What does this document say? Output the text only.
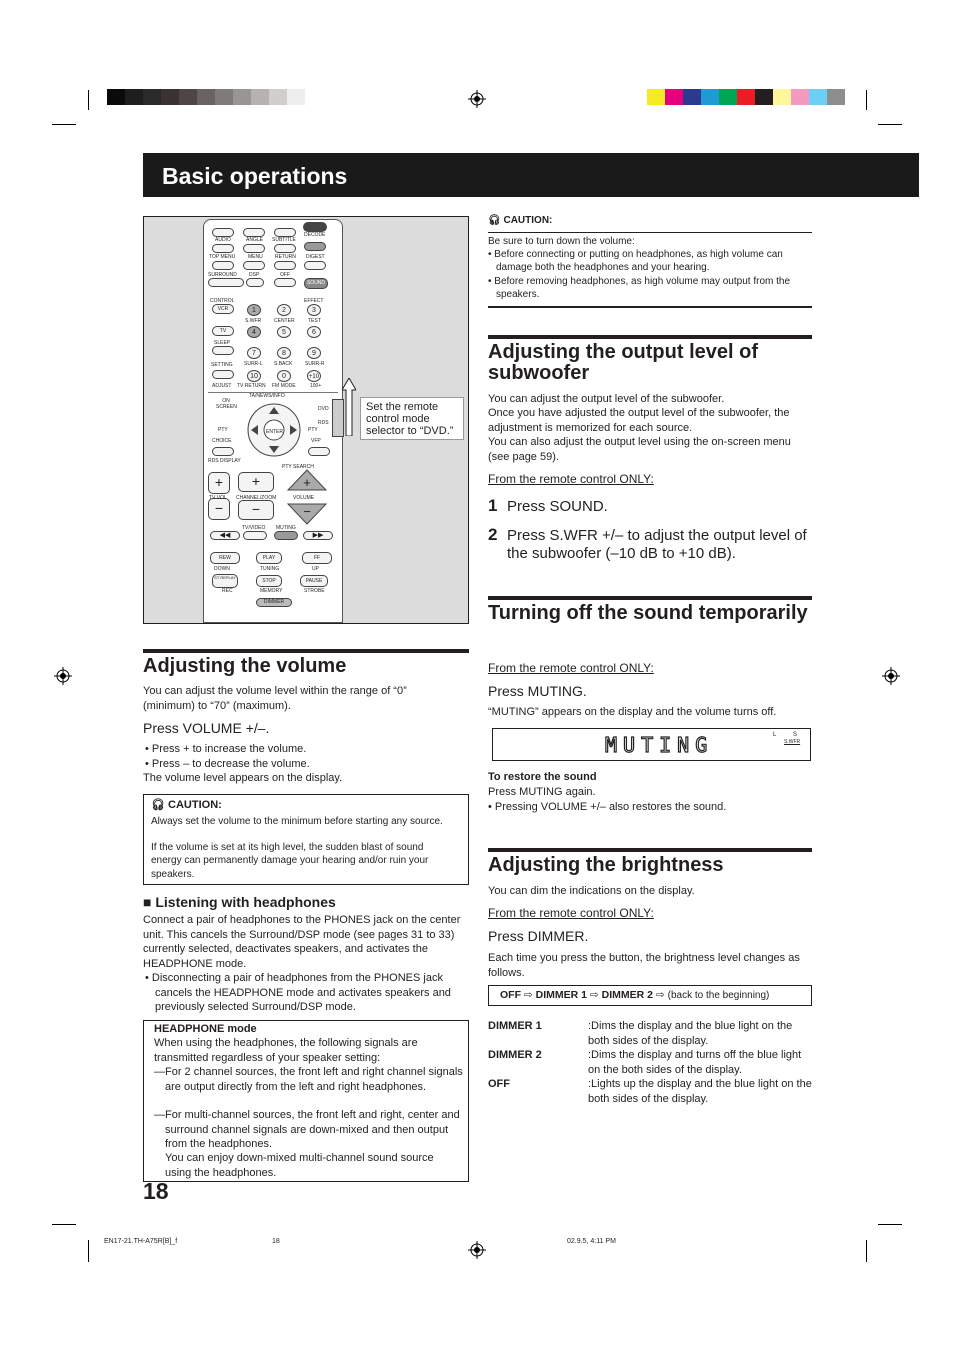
Basic operations
AUDIO	ANGLE SUBTITLE
DECODE
TOP MENU	MENU RETURN DIGEST
SURROUND DSP	OFF
SOUND
CONTROL	EFFECT
VCR
TV
1	2	3
S.WFR	CENTER	TEST
4	5	6
SLEEP
7	8	9
SETTING SURR-L S.BACK	SURR-R
10	0	+10
ADJUST TV RETURN FM MODE	100+
TA/NEWS/INFO
ON SCREEN	DVD
RDS
ENTER
PTY	PTY
CHOICE	VFP
RDS DISPLAY
PTY SEARCH
+
−
+
−
+
−
TV VOL CHANNEL/ZOOM	VOLUME
TV/VIDEO MUTING
◀◀	▶▶
REW	PLAY	FF
DOWN	TUNING	UP
ST REPLAY
STOP	PAUSE
REC	MEMORY	STROBE
DIMMER
Set the remote control mode selector to “DVD.”
Adjusting the volume

You can adjust the volume level within the range of “0” (minimum) to “70” (maximum).

Press VOLUME +/–.

• Press + to increase the volume.

• Press – to decrease the volume.

The volume level appears on the display.

🎧︎ CAUTION:

Always set the volume to the minimum before starting any source.

If the volume is set at its high level, the sudden blast of sound energy can permanently damage your hearing and/or ruin your speakers.

■ Listening with headphones

Connect a pair of headphones to the PHONES jack on the center unit. This cancels the Surround/DSP mode (see pages 31 to 33) currently selected, deactivates speakers, and activates the HEADPHONE mode.

• Disconnecting a pair of headphones from the PHONES jack cancels the HEADPHONE mode and activates speakers and previously selected Surround/DSP mode.

HEADPHONE mode

When using the headphones, the following signals are transmitted regardless of your speaker setting:

—For 2 channel sources, the front left and right channel signals are output directly from the left and right headphones.

—For multi-channel sources, the front left and right, center and surround channel signals are down-mixed and then output from the headphones.

You can enjoy down-mixed multi-channel sound source using the headphones.

🎧︎ CAUTION:

Be sure to turn down the volume:

• Before connecting or putting on headphones, as high volume can damage both the headphones and your hearing.

• Before removing headphones, as high volume may output from the speakers.

Adjusting the output level of subwoofer

You can adjust the output level of the subwoofer.

Once you have adjusted the output level of the subwoofer, the adjustment is memorized for each source.

You can also adjust the output level using the on-screen menu (see page 59).

From the remote control ONLY:
1 Press SOUND.
2 Press S.WFR +/– to adjust the output level of the subwoofer (–10 dB to +10 dB).
Turning off the sound temporarily
From the remote control ONLY:
Press MUTING.

“MUTING” appears on the display and the volume turns off.

MUTING	L	S
S.WFR
To restore the sound

Press MUTING again.

• Pressing VOLUME +/– also restores the sound.

Adjusting the brightness

You can dim the indications on the display.

From the remote control ONLY:
Press DIMMER.

Each time you press the button, the brightness level changes as follows.

OFF ⇨ DIMMER 1 ⇨ DIMMER 2 ⇨ (back to the beginning)
DIMMER 1	:Dims the display and the blue light on the both sides of the display.
DIMMER 2	:Dims the display and turns off the blue light on the both sides of the display.
OFF	:Lights up the display and the blue light on the both sides of the display.
18
EN17-21.TH-A75R[B]_f	18	02.9.5, 4:11 PM
